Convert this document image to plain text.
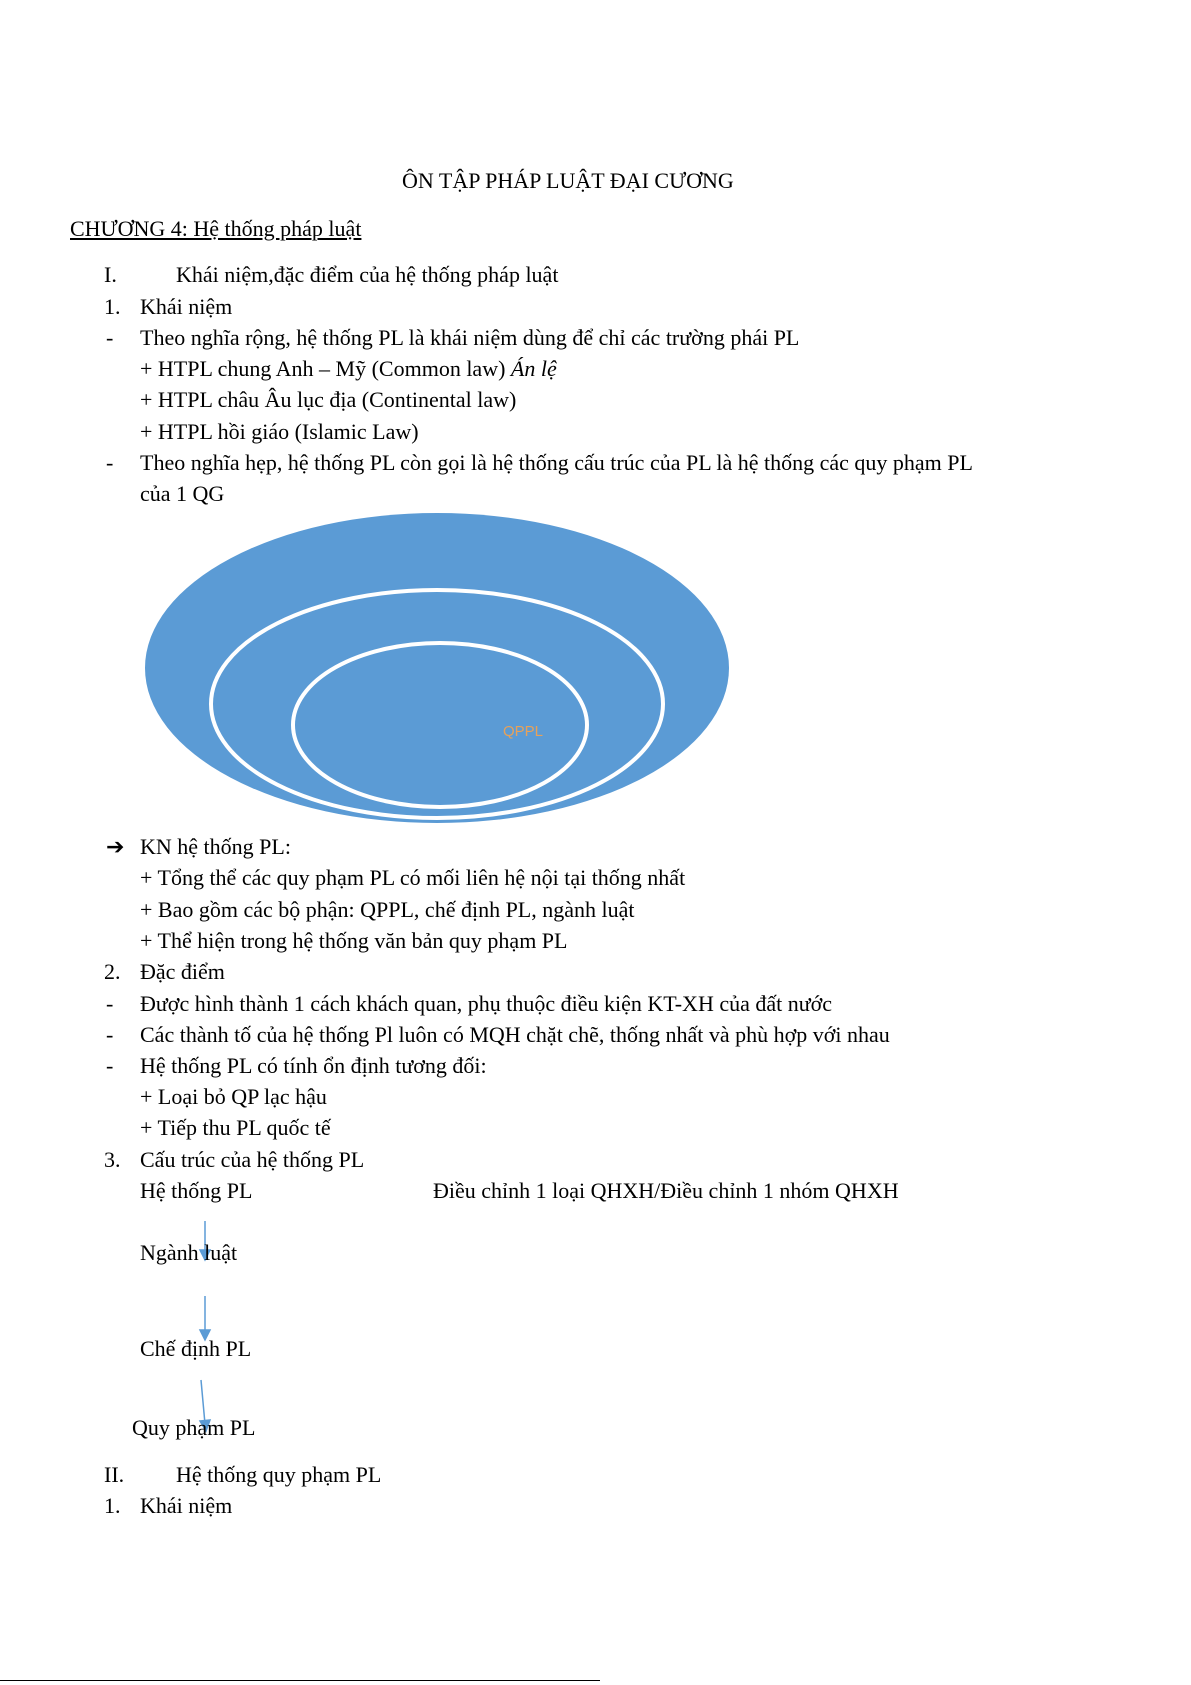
ÔN TẬP PHÁP LUẬT ĐẠI CƯƠNG
CHƯƠNG 4: Hệ thống pháp luật
I.	Khái niệm,đặc điểm của hệ thống pháp luật
1. Khái niệm
- Theo nghĩa rộng, hệ thống PL là khái niệm dùng để chỉ các trường phái PL
+ HTPL chung Anh – Mỹ (Common law) Án lệ
+ HTPL châu Âu lục địa (Continental law)
+ HTPL hồi giáo (Islamic Law)
- Theo nghĩa hẹp, hệ thống PL còn gọi là hệ thống cấu trúc của PL là hệ thống các quy phạm PL
của 1 QG
QPPL
➔ KN hệ thống PL:
+ Tổng thể các quy phạm PL có mối liên hệ nội tại thống nhất
+ Bao gồm các bộ phận: QPPL, chế định PL, ngành luật
+ Thể hiện trong hệ thống văn bản quy phạm PL
2. Đặc điểm
- Được hình thành 1 cách khách quan, phụ thuộc điều kiện KT-XH của đất nước
- Các thành tố của hệ thống Pl luôn có MQH chặt chẽ, thống nhất và phù hợp với nhau
- Hệ thống PL có tính ổn định tương đối:
+ Loại bỏ QP lạc hậu
+ Tiếp thu PL quốc tế
3. Cấu trúc của hệ thống PL
Hệ thống PL	Điều chỉnh 1 loại QHXH/Điều chỉnh 1 nhóm QHXH
Ngành luật
Chế định PL
Quy phạm PL
II. Hệ thống quy phạm PL
1. Khái niệm
